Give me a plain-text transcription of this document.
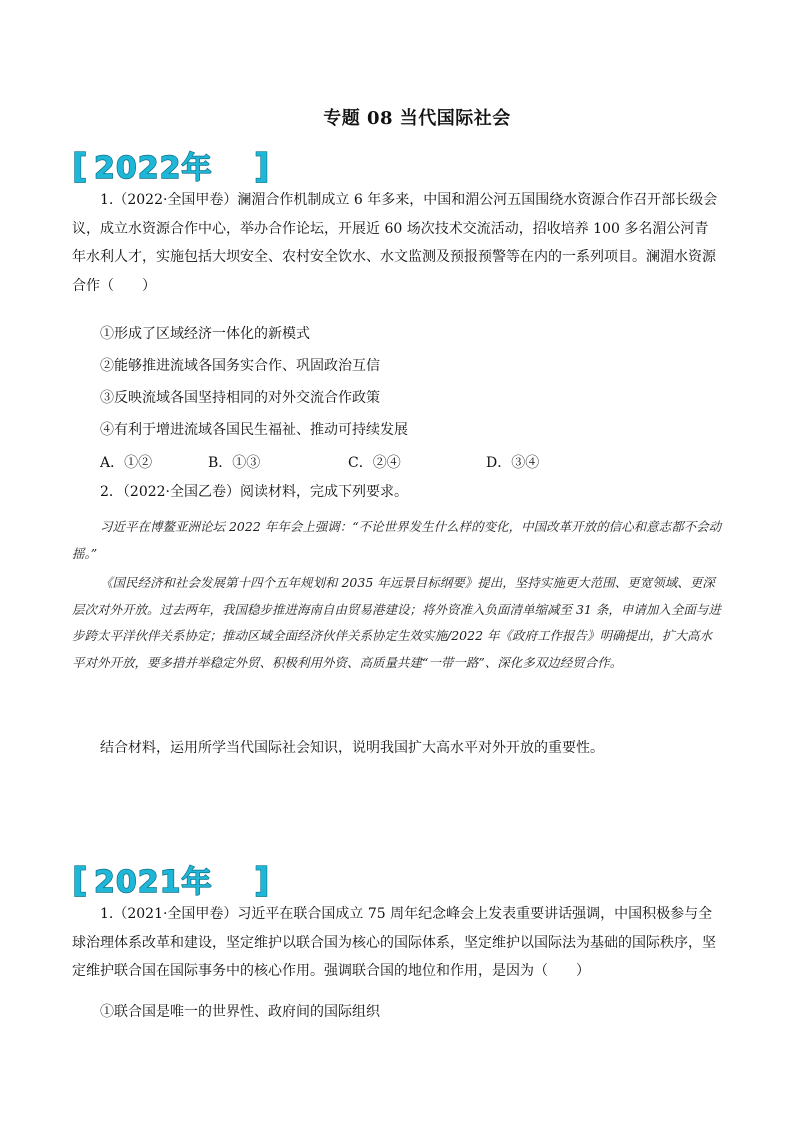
专题 08 当代国际社会
[ 2022年 ]
1.（2022·全国甲卷）澜湄合作机制成立 6 年多来，中国和湄公河五国围绕水资源合作召开部长级会议，成立水资源合作中心，举办合作论坛，开展近 60 场次技术交流活动，招收培养 100 多名湄公河青年水利人才，实施包括大坝安全、农村安全饮水、水文监测及预报预警等在内的一系列项目。澜湄水资源合作（　　）
①形成了区域经济一体化的新模式
②能够推进流域各国务实合作、巩固政治互信
③反映流域各国坚持相同的对外交流合作政策
④有利于增进流域各国民生福祉、推动可持续发展
A．①②	B．①③	C．②④	D．③④
2．（2022·全国乙卷）阅读材料，完成下列要求。
习近平在博鳌亚洲论坛 2022 年年会上强调：“不论世界发生什么样的变化，中国改革开放的信心和意志都不会动摇。”
《国民经济和社会发展第十四个五年规划和 2035 年远景目标纲要》提出，坚持实施更大范围、更宽领域、更深层次对外开放。过去两年，我国稳步推进海南自由贸易港建设；将外资准入负面清单缩减至 31 条，申请加入全面与进步跨太平洋伙伴关系协定；推动区域全面经济伙伴关系协定生效实施/2022 年《政府工作报告》明确提出，扩大高水平对外开放，要多措并举稳定外贸、积极利用外资、高质量共建“一带一路”、深化多双边经贸合作。
结合材料，运用所学当代国际社会知识，说明我国扩大高水平对外开放的重要性。
[ 2021年 ]
1.（2021·全国甲卷）习近平在联合国成立 75 周年纪念峰会上发表重要讲话强调，中国积极参与全球治理体系改革和建设，坚定维护以联合国为核心的国际体系，坚定维护以国际法为基础的国际秩序，坚定维护联合国在国际事务中的核心作用。强调联合国的地位和作用，是因为（　　）
①联合国是唯一的世界性、政府间的国际组织
